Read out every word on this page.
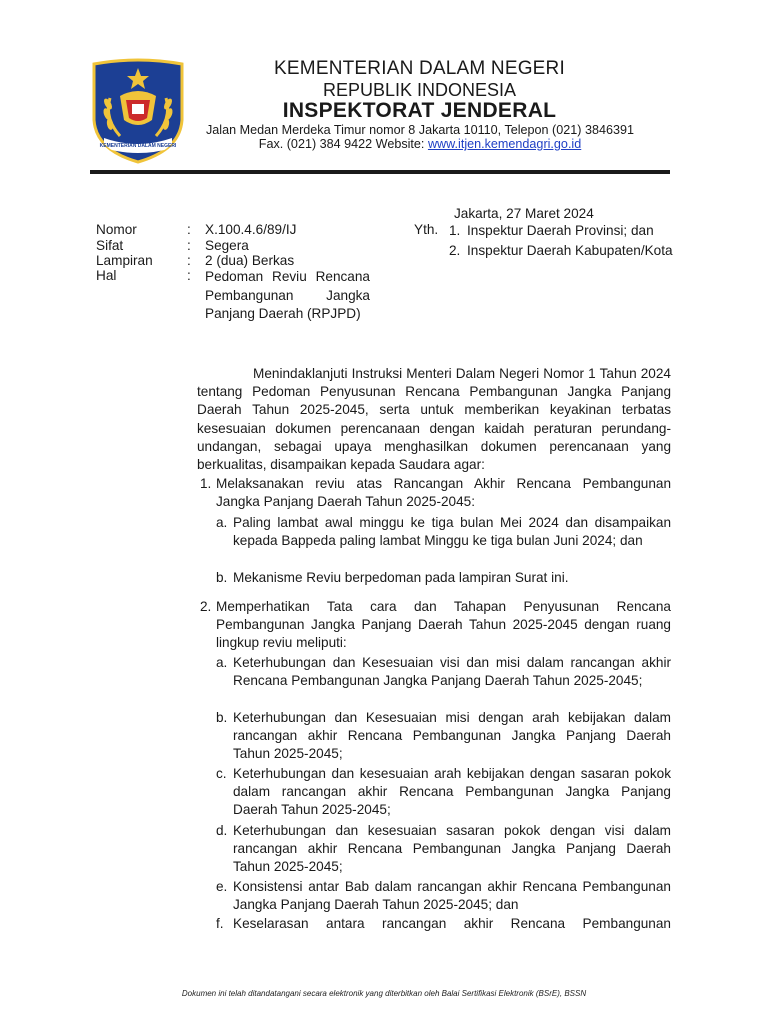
KEMENTERIAN DALAM NEGERI
KEMENTERIAN DALAM NEGERI
REPUBLIK INDONESIA
INSPEKTORAT JENDERAL
Jalan Medan Merdeka Timur nomor 8 Jakarta 10110, Telepon (021) 3846391
Fax. (021) 384 9422 Website: www.itjen.kemendagri.go.id
Nomor	: X.100.4.6/89/IJ
Sifat	: Segera
Lampiran	: 2 (dua) Berkas
Hal	: Pedoman Reviu Rencana Pembangunan Jangka Panjang Daerah (RPJPD)
Jakarta, 27 Maret 2024
Yth. 1. Inspektur Daerah Provinsi; dan
2. Inspektur Daerah Kabupaten/Kota
Menindaklanjuti Instruksi Menteri Dalam Negeri Nomor 1 Tahun 2024 tentang Pedoman Penyusunan Rencana Pembangunan Jangka Panjang Daerah Tahun 2025-2045, serta untuk memberikan keyakinan terbatas kesesuaian dokumen perencanaan dengan kaidah peraturan perundang-undangan, sebagai upaya menghasilkan dokumen perencanaan yang berkualitas, disampaikan kepada Saudara agar:
1. Melaksanakan reviu atas Rancangan Akhir Rencana Pembangunan Jangka Panjang Daerah Tahun 2025-2045:
a. Paling lambat awal minggu ke tiga bulan Mei 2024 dan disampaikan kepada Bappeda paling lambat Minggu ke tiga bulan Juni 2024; dan
b. Mekanisme Reviu berpedoman pada lampiran Surat ini.
2. Memperhatikan Tata cara dan Tahapan Penyusunan Rencana Pembangunan Jangka Panjang Daerah Tahun 2025-2045 dengan ruang lingkup reviu meliputi:
a. Keterhubungan dan Kesesuaian visi dan misi dalam rancangan akhir Rencana Pembangunan Jangka Panjang Daerah Tahun 2025-2045;
b. Keterhubungan dan Kesesuaian misi dengan arah kebijakan dalam rancangan akhir Rencana Pembangunan Jangka Panjang Daerah Tahun 2025-2045;
c. Keterhubungan dan kesesuaian arah kebijakan dengan sasaran pokok dalam rancangan akhir Rencana Pembangunan Jangka Panjang Daerah Tahun 2025-2045;
d. Keterhubungan dan kesesuaian sasaran pokok dengan visi dalam rancangan akhir Rencana Pembangunan Jangka Panjang Daerah Tahun 2025-2045;
e. Konsistensi antar Bab dalam rancangan akhir Rencana Pembangunan Jangka Panjang Daerah Tahun 2025-2045; dan
f. Keselarasan antara rancangan akhir Rencana Pembangunan
Dokumen ini telah ditandatangani secara elektronik yang diterbitkan oleh Balai Sertifikasi Elektronik (BSrE), BSSN
